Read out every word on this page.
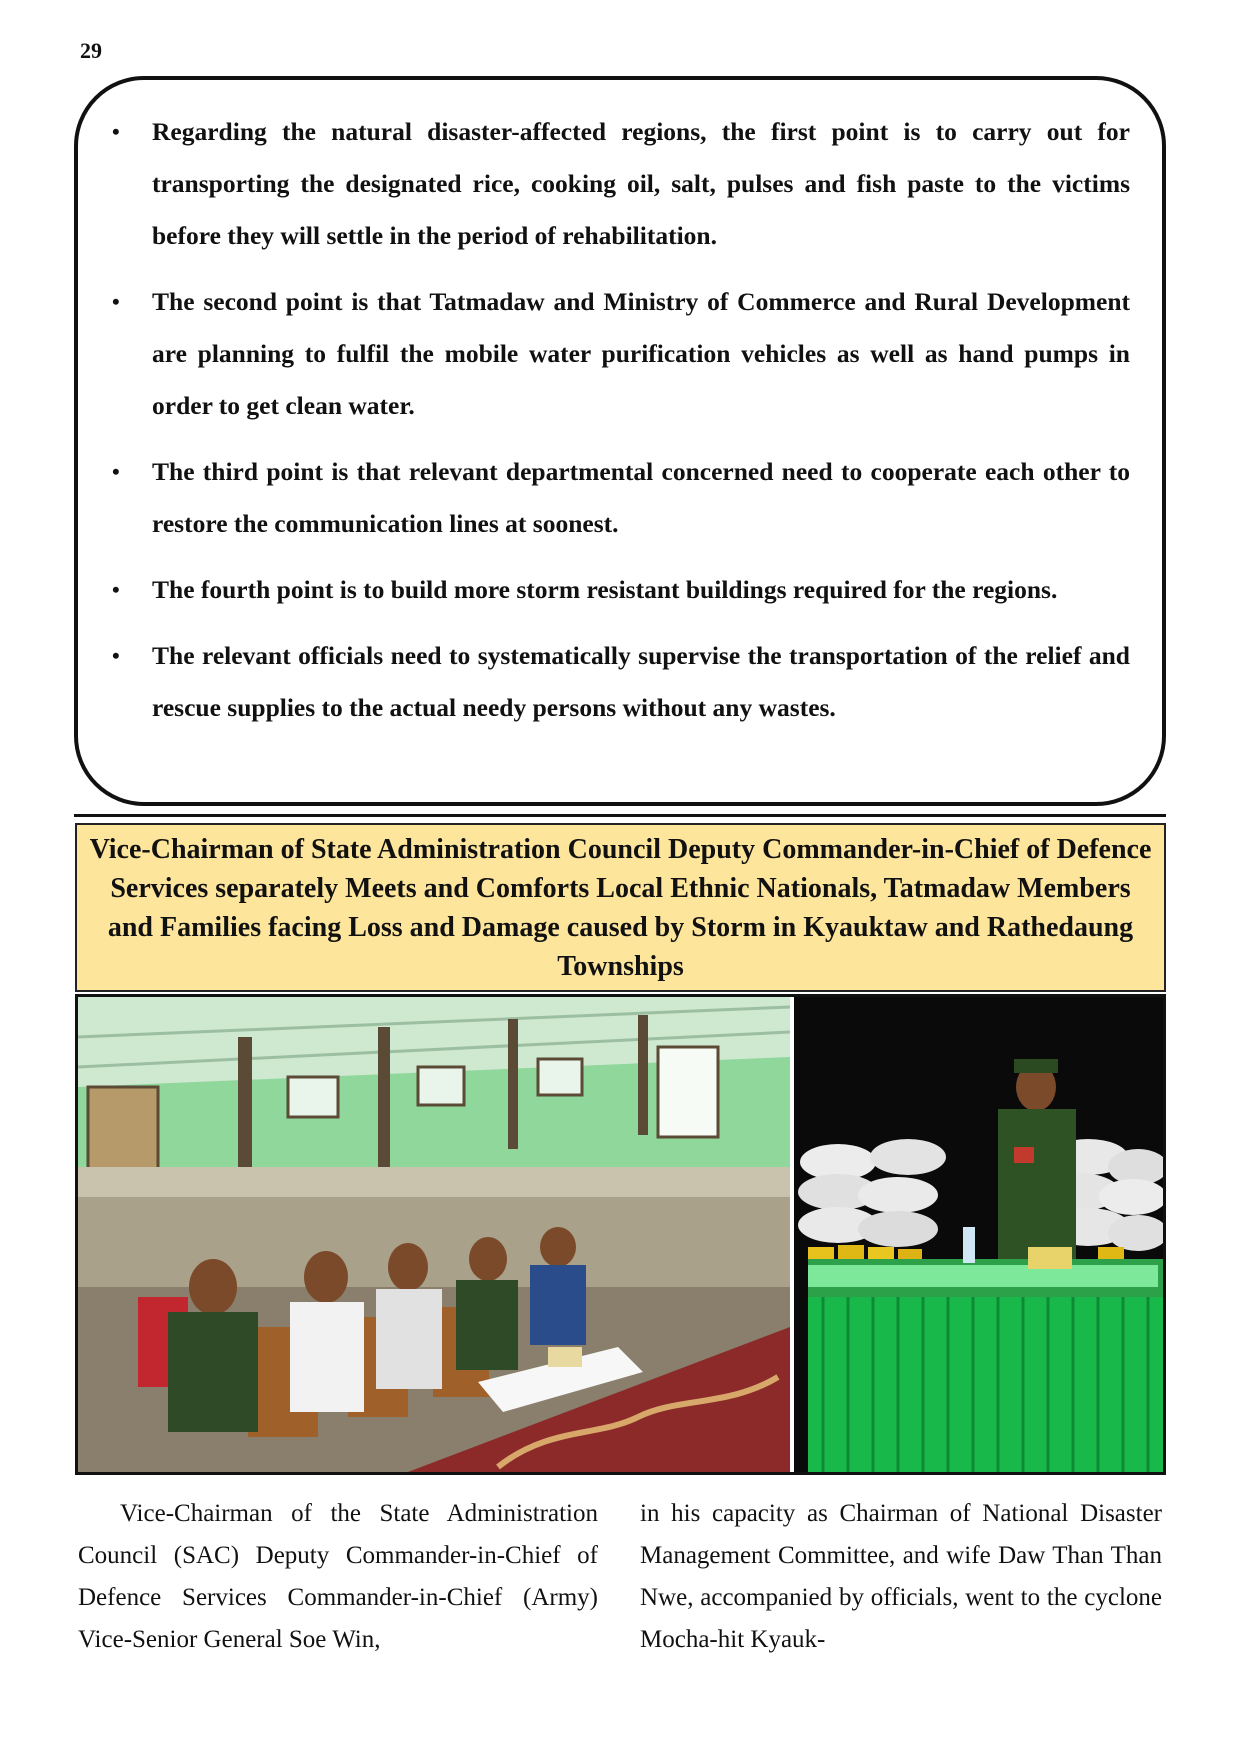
29
• Regarding the natural disaster-affected regions, the first point is to carry out for transporting the designated rice, cooking oil, salt, pulses and fish paste to the victims before they will settle in the period of rehabilitation.
• The second point is that Tatmadaw and Ministry of Commerce and Rural Development are planning to fulfil the mobile water purification vehicles as well as hand pumps in order to get clean water.
• The third point is that relevant departmental concerned need to cooperate each other to restore the communication lines at soonest.
• The fourth point is to build more storm resistant buildings required for the regions.
• The relevant officials need to systematically supervise the transportation of the relief and rescue supplies to the actual needy persons without any wastes.
Vice-Chairman of State Administration Council Deputy Commander-in-Chief of Defence Services separately Meets and Comforts Local Ethnic Nationals, Tatmadaw Members and Families facing Loss and Damage caused by Storm in Kyauktaw and Rathedaung Townships

Vice-Chairman of the State Administration Council (SAC) Deputy Commander-in-Chief of Defence Services Commander-in-Chief (Army) Vice-Senior General Soe Win,

in his capacity as Chairman of National Disaster Management Committee, and wife Daw Than Than Nwe, accompanied by officials, went to the cyclone Mocha-hit Kyauk-
